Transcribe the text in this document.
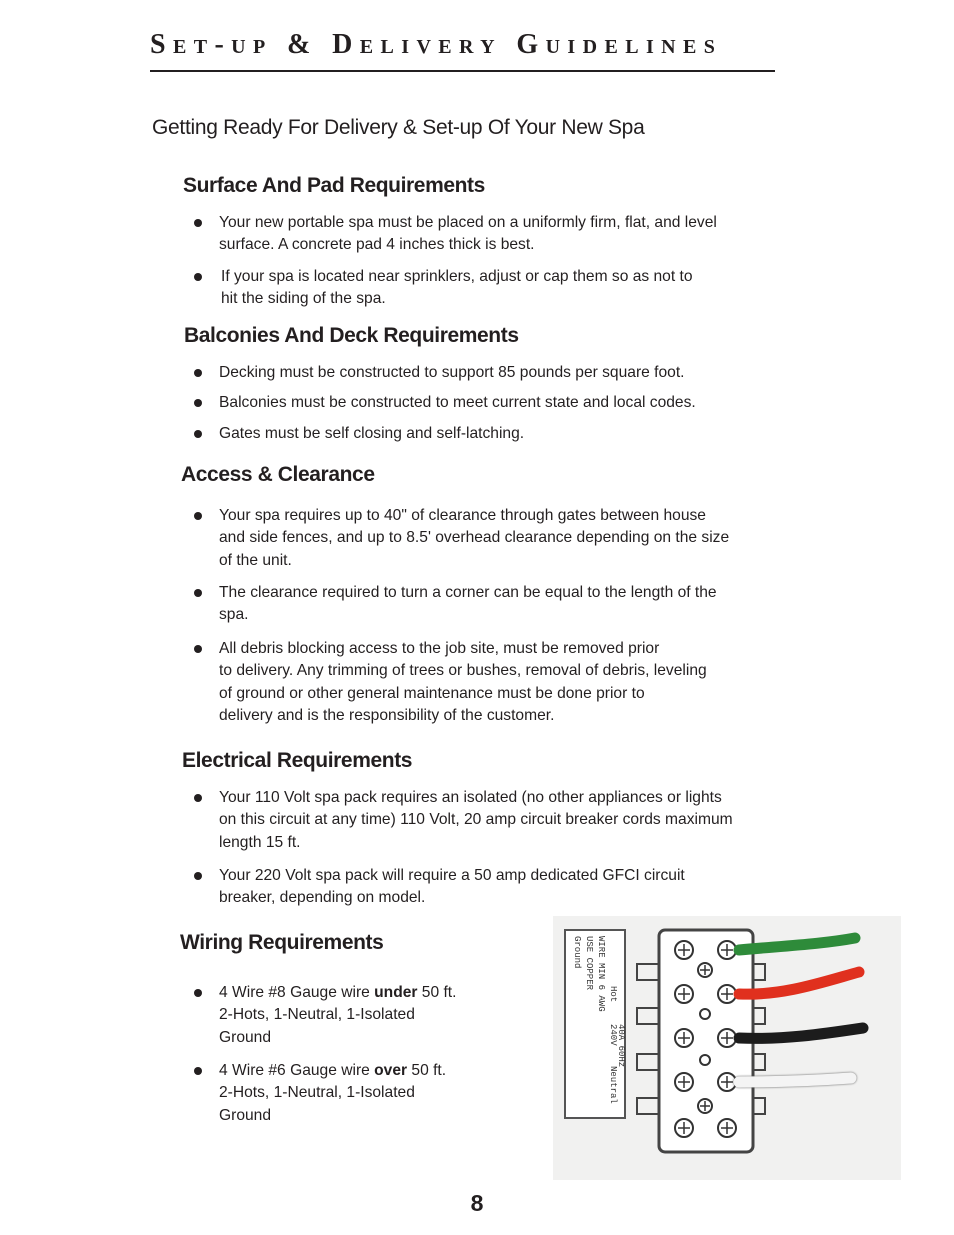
Set-up & Delivery Guidelines
Getting Ready For Delivery & Set-up Of Your New Spa
Surface And Pad Requirements
Your new portable spa must be placed on a uniformly firm, flat, and level
surface. A concrete pad 4 inches thick is best.
If your spa is located near sprinklers, adjust or cap them so as not to
hit the siding of the spa.
Balconies And Deck Requirements
Decking must be constructed to support 85 pounds per square foot.
Balconies must be constructed to meet current state and local codes.
Gates must be self closing and self-latching.
Access & Clearance
Your spa requires up to 40" of clearance through gates between house
and side fences, and up to 8.5' overhead clearance depending on the size
of the unit.
The clearance required to turn a corner can be equal to the length of the
spa.
All debris blocking access to the job site, must be removed prior
to delivery. Any trimming of trees or bushes, removal of debris, leveling
of ground or other general maintenance must be done prior to
delivery and is the responsibility of the customer.
Electrical Requirements
Your 110 Volt spa pack requires an isolated (no other appliances or lights
on this circuit at any time) 110 Volt, 20 amp circuit breaker cords maximum
length 15 ft.
Your 220 Volt spa pack will require a 50 amp dedicated GFCI circuit
breaker, depending on model.
Wiring Requirements
4 Wire #8 Gauge wire under 50 ft.
2-Hots, 1-Neutral, 1-Isolated
Ground
4 Wire #6 Gauge wire over 50 ft.
2-Hots, 1-Neutral, 1-Isolated
Ground
Ground USE COPPER WIRE MIN 6 AWG
240V
40A 60Hz
Hot
Neutral
8
